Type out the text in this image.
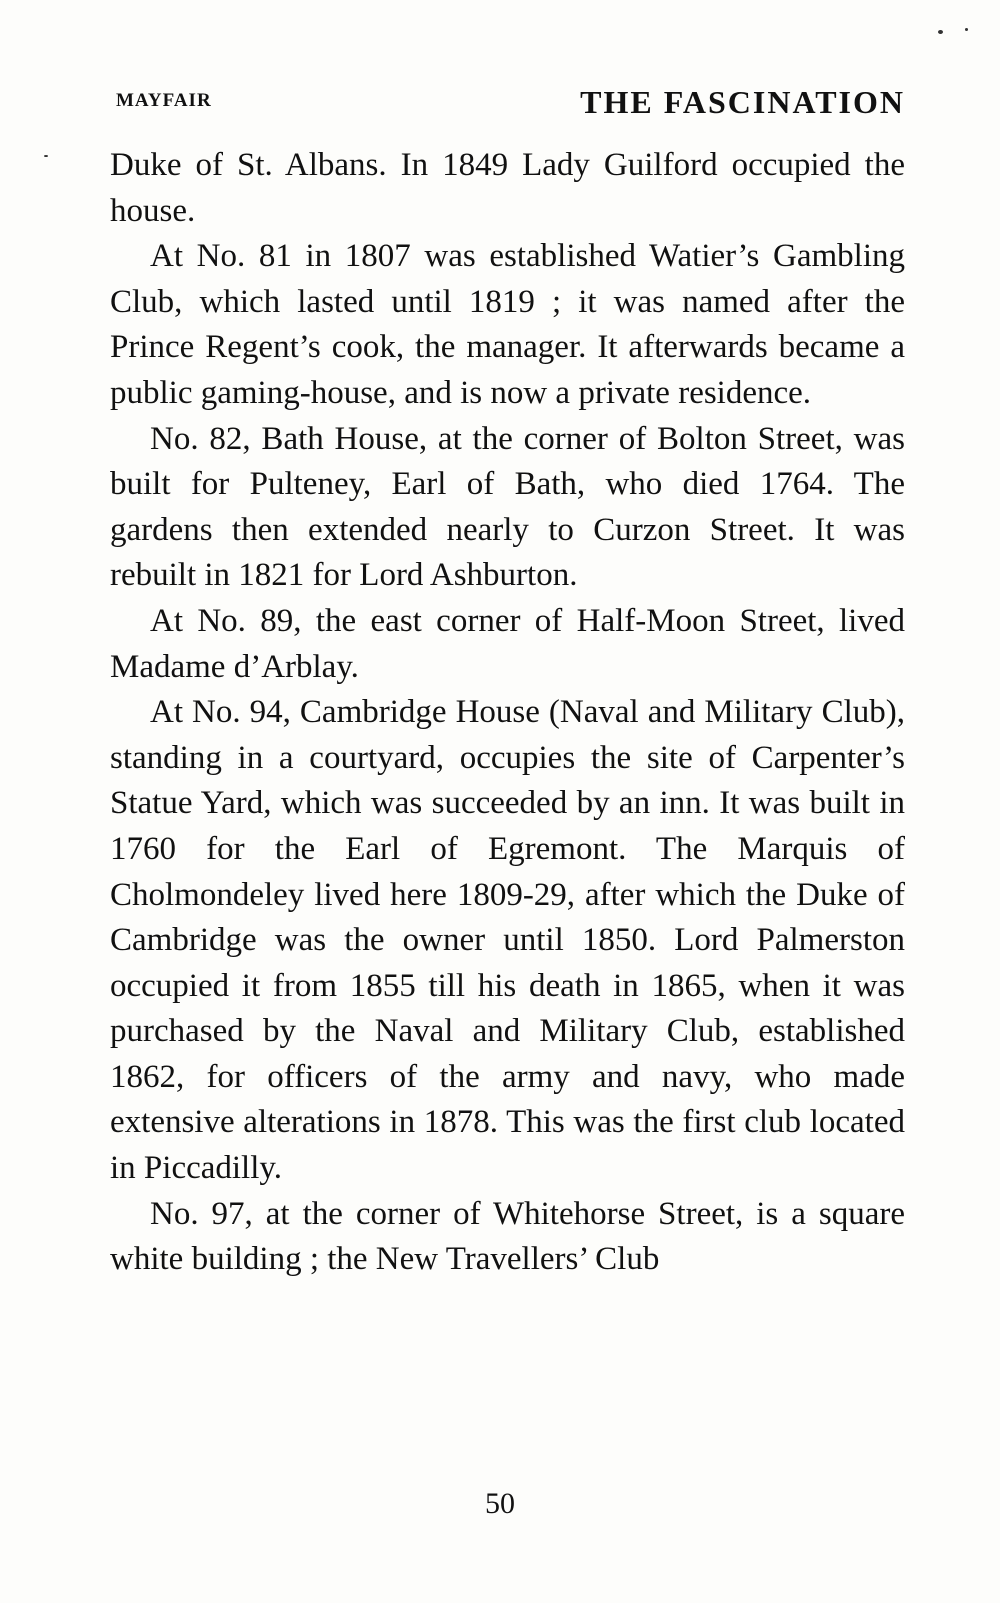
MAYFAIR	THE FASCINATION

Duke of St. Albans. In 1849 Lady Guilford occupied the house.

At No. 81 in 1807 was established Watier’s Gambling Club, which lasted until 1819 ; it was named after the Prince Regent’s cook, the manager. It afterwards became a public gaming-house, and is now a private residence.

No. 82, Bath House, at the corner of Bolton Street, was built for Pulteney, Earl of Bath, who died 1764. The gardens then extended nearly to Curzon Street. It was rebuilt in 1821 for Lord Ashburton.

At No. 89, the east corner of Half-Moon Street, lived Madame d’Arblay.

At No. 94, Cambridge House (Naval and Military Club), standing in a courtyard, occupies the site of Carpenter’s Statue Yard, which was succeeded by an inn. It was built in 1760 for the Earl of Egremont. The Marquis of Cholmondeley lived here 1809-29, after which the Duke of Cambridge was the owner until 1850. Lord Palmerston occupied it from 1855 till his death in 1865, when it was purchased by the Naval and Military Club, established 1862, for officers of the army and navy, who made extensive alterations in 1878. This was the first club located in Piccadilly.

No. 97, at the corner of Whitehorse Street, is a square white building ; the New Travellers’ Club

50
